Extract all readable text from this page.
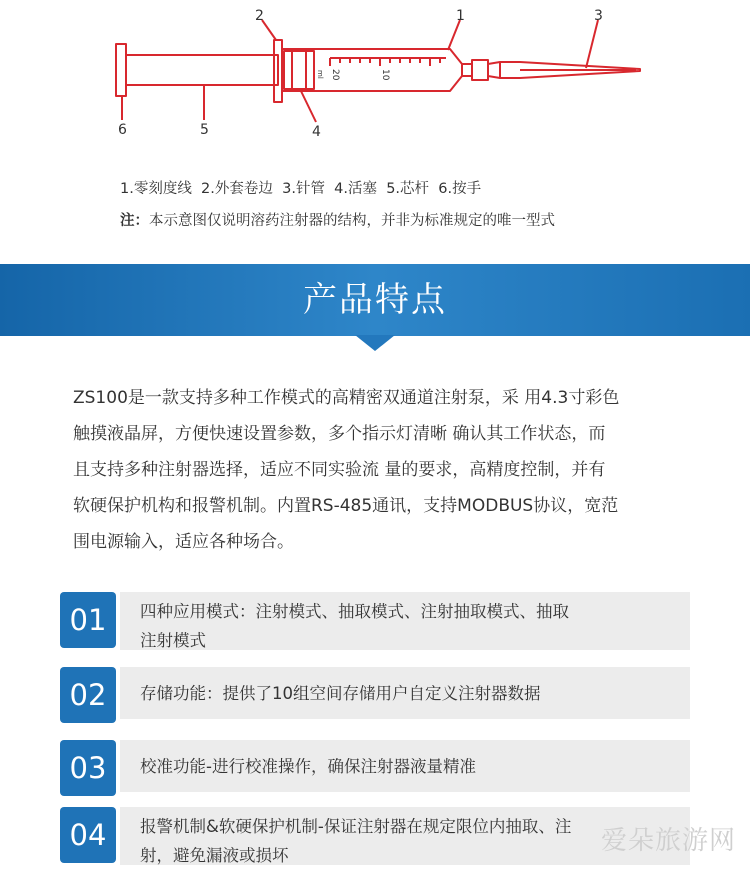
2	1	3
6	5	4
20	10
ml
1.零刻度线  2.外套卷边  3.针管  4.活塞  5.芯杆  6.按手
注：本示意图仅说明溶药注射器的结构，并非为标准规定的唯一型式
产品特点
ZS100是一款支持多种工作模式的高精密双通道注射泵，采 用4.3寸彩色
触摸液晶屏，方便快速设置参数，多个指示灯清晰 确认其工作状态，而
且支持多种注射器选择，适应不同实验流 量的要求，高精度控制，并有
软硬保护机构和报警机制。内置RS-485通讯，支持MODBUS协议，宽范
围电源输入，适应各种场合。
01	四种应用模式：注射模式、抽取模式、注射抽取模式、抽取
注射模式
02	存储功能：提供了10组空间存储用户自定义注射器数据
03	校准功能-进行校准操作，确保注射器液量精准
04	报警机制&软硬保护机制-保证注射器在规定限位内抽取、注
射，避免漏液或损坏	爱朵旅游网
